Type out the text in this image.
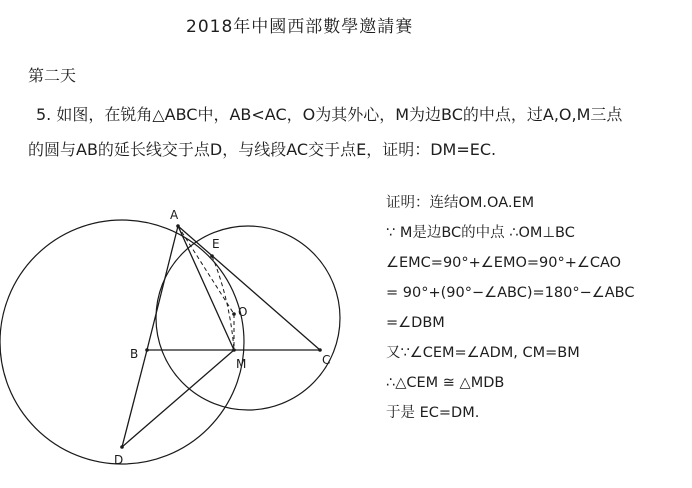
2018年中國西部數學邀請賽
第二天
5. 如图，在锐角△ABC中，AB<AC，O为其外心，M为边BC的中点，过A,O,M三点
的圆与AB的延长线交于点D，与线段AC交于点E，证明：DM=EC.
A
E
O
B
M	C
D
证明：连结OM.OA.EM
∵ M是边BC的中点 ∴OM⊥BC
∠EMC=90°+∠EMO=90°+∠CAO
= 90°+(90°−∠ABC)=180°−∠ABC
=∠DBM
又∵∠CEM=∠ADM, CM=BM
∴△CEM ≅ △MDB
于是 EC=DM.
